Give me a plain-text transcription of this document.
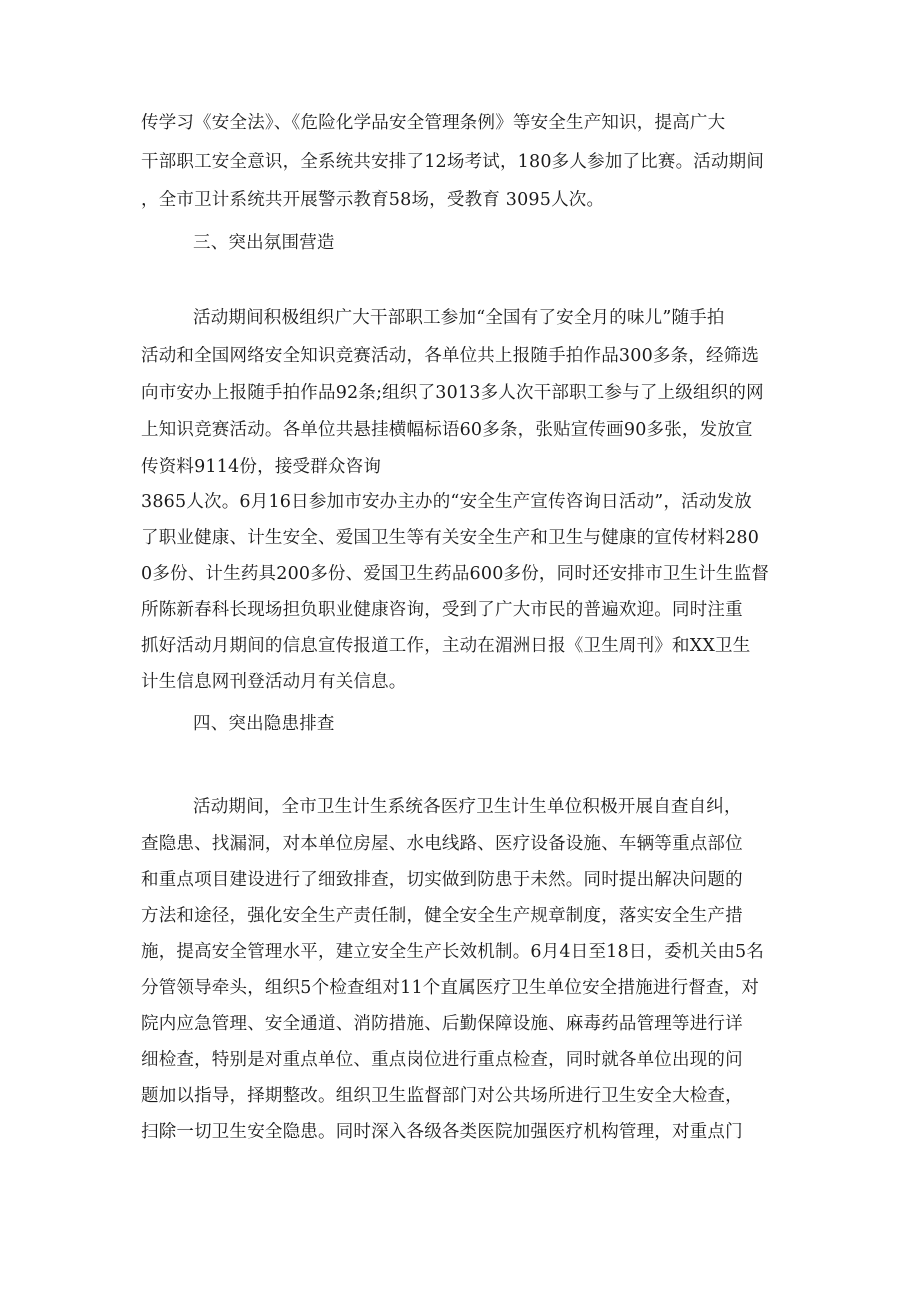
传学习《安全法》、《危险化学品安全管理条例》等安全生产知识，提高广大
干部职工安全意识，全系统共安排了12场考试，180多人参加了比赛。活动期间
，全市卫计系统共开展警示教育58场，受教育 3095人次。
三、突出氛围营造
活动期间积极组织广大干部职工参加“全国有了安全月的味儿”随手拍
活动和全国网络安全知识竞赛活动，各单位共上报随手拍作品300多条，经筛选
向市安办上报随手拍作品92条;组织了3013多人次干部职工参与了上级组织的网
上知识竞赛活动。各单位共悬挂横幅标语60多条，张贴宣传画90多张，发放宣
传资料9114份，接受群众咨询
3865人次。6月16日参加市安办主办的“安全生产宣传咨询日活动”，活动发放
了职业健康、计生安全、爱国卫生等有关安全生产和卫生与健康的宣传材料280
0多份、计生药具200多份、爱国卫生药品600多份，同时还安排市卫生计生监督
所陈新春科长现场担负职业健康咨询，受到了广大市民的普遍欢迎。同时注重
抓好活动月期间的信息宣传报道工作，主动在湄洲日报《卫生周刊》和XX卫生
计生信息网刊登活动月有关信息。
四、突出隐患排查
活动期间，全市卫生计生系统各医疗卫生计生单位积极开展自查自纠，
查隐患、找漏洞，对本单位房屋、水电线路、医疗设备设施、车辆等重点部位
和重点项目建设进行了细致排查，切实做到防患于未然。同时提出解决问题的
方法和途径，强化安全生产责任制，健全安全生产规章制度，落实安全生产措
施，提高安全管理水平，建立安全生产长效机制。6月4日至18日，委机关由5名
分管领导牵头，组织5个检查组对11个直属医疗卫生单位安全措施进行督查，对
院内应急管理、安全通道、消防措施、后勤保障设施、麻毒药品管理等进行详
细检查，特别是对重点单位、重点岗位进行重点检查，同时就各单位出现的问
题加以指导，择期整改。组织卫生监督部门对公共场所进行卫生安全大检查，
扫除一切卫生安全隐患。同时深入各级各类医院加强医疗机构管理，对重点门
